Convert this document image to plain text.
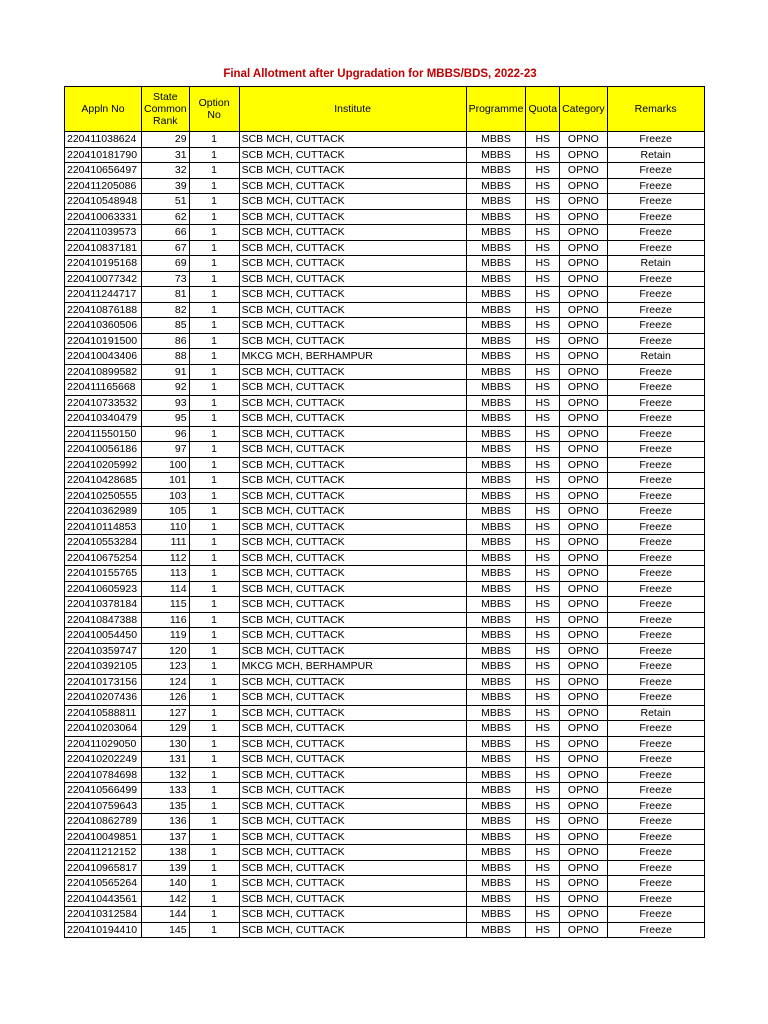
Final Allotment after Upgradation for MBBS/BDS, 2022-23
Appln No	State Common Rank	Option No	Institute	Programme	Quota	Category	Remarks
220411038624	29	1	SCB MCH, CUTTACK	MBBS	HS	OPNO	Freeze
220410181790	31	1	SCB MCH, CUTTACK	MBBS	HS	OPNO	Retain
220410656497	32	1	SCB MCH, CUTTACK	MBBS	HS	OPNO	Freeze
220411205086	39	1	SCB MCH, CUTTACK	MBBS	HS	OPNO	Freeze
220410548948	51	1	SCB MCH, CUTTACK	MBBS	HS	OPNO	Freeze
220410063331	62	1	SCB MCH, CUTTACK	MBBS	HS	OPNO	Freeze
220411039573	66	1	SCB MCH, CUTTACK	MBBS	HS	OPNO	Freeze
220410837181	67	1	SCB MCH, CUTTACK	MBBS	HS	OPNO	Freeze
220410195168	69	1	SCB MCH, CUTTACK	MBBS	HS	OPNO	Retain
220410077342	73	1	SCB MCH, CUTTACK	MBBS	HS	OPNO	Freeze
220411244717	81	1	SCB MCH, CUTTACK	MBBS	HS	OPNO	Freeze
220410876188	82	1	SCB MCH, CUTTACK	MBBS	HS	OPNO	Freeze
220410360506	85	1	SCB MCH, CUTTACK	MBBS	HS	OPNO	Freeze
220410191500	86	1	SCB MCH, CUTTACK	MBBS	HS	OPNO	Freeze
220410043406	88	1	MKCG MCH, BERHAMPUR	MBBS	HS	OPNO	Retain
220410899582	91	1	SCB MCH, CUTTACK	MBBS	HS	OPNO	Freeze
220411165668	92	1	SCB MCH, CUTTACK	MBBS	HS	OPNO	Freeze
220410733532	93	1	SCB MCH, CUTTACK	MBBS	HS	OPNO	Freeze
220410340479	95	1	SCB MCH, CUTTACK	MBBS	HS	OPNO	Freeze
220411550150	96	1	SCB MCH, CUTTACK	MBBS	HS	OPNO	Freeze
220410056186	97	1	SCB MCH, CUTTACK	MBBS	HS	OPNO	Freeze
220410205992	100	1	SCB MCH, CUTTACK	MBBS	HS	OPNO	Freeze
220410428685	101	1	SCB MCH, CUTTACK	MBBS	HS	OPNO	Freeze
220410250555	103	1	SCB MCH, CUTTACK	MBBS	HS	OPNO	Freeze
220410362989	105	1	SCB MCH, CUTTACK	MBBS	HS	OPNO	Freeze
220410114853	110	1	SCB MCH, CUTTACK	MBBS	HS	OPNO	Freeze
220410553284	111	1	SCB MCH, CUTTACK	MBBS	HS	OPNO	Freeze
220410675254	112	1	SCB MCH, CUTTACK	MBBS	HS	OPNO	Freeze
220410155765	113	1	SCB MCH, CUTTACK	MBBS	HS	OPNO	Freeze
220410605923	114	1	SCB MCH, CUTTACK	MBBS	HS	OPNO	Freeze
220410378184	115	1	SCB MCH, CUTTACK	MBBS	HS	OPNO	Freeze
220410847388	116	1	SCB MCH, CUTTACK	MBBS	HS	OPNO	Freeze
220410054450	119	1	SCB MCH, CUTTACK	MBBS	HS	OPNO	Freeze
220410359747	120	1	SCB MCH, CUTTACK	MBBS	HS	OPNO	Freeze
220410392105	123	1	MKCG MCH, BERHAMPUR	MBBS	HS	OPNO	Freeze
220410173156	124	1	SCB MCH, CUTTACK	MBBS	HS	OPNO	Freeze
220410207436	126	1	SCB MCH, CUTTACK	MBBS	HS	OPNO	Freeze
220410588811	127	1	SCB MCH, CUTTACK	MBBS	HS	OPNO	Retain
220410203064	129	1	SCB MCH, CUTTACK	MBBS	HS	OPNO	Freeze
220411029050	130	1	SCB MCH, CUTTACK	MBBS	HS	OPNO	Freeze
220410202249	131	1	SCB MCH, CUTTACK	MBBS	HS	OPNO	Freeze
220410784698	132	1	SCB MCH, CUTTACK	MBBS	HS	OPNO	Freeze
220410566499	133	1	SCB MCH, CUTTACK	MBBS	HS	OPNO	Freeze
220410759643	135	1	SCB MCH, CUTTACK	MBBS	HS	OPNO	Freeze
220410862789	136	1	SCB MCH, CUTTACK	MBBS	HS	OPNO	Freeze
220410049851	137	1	SCB MCH, CUTTACK	MBBS	HS	OPNO	Freeze
220411212152	138	1	SCB MCH, CUTTACK	MBBS	HS	OPNO	Freeze
220410965817	139	1	SCB MCH, CUTTACK	MBBS	HS	OPNO	Freeze
220410565264	140	1	SCB MCH, CUTTACK	MBBS	HS	OPNO	Freeze
220410443561	142	1	SCB MCH, CUTTACK	MBBS	HS	OPNO	Freeze
220410312584	144	1	SCB MCH, CUTTACK	MBBS	HS	OPNO	Freeze
220410194410	145	1	SCB MCH, CUTTACK	MBBS	HS	OPNO	Freeze
